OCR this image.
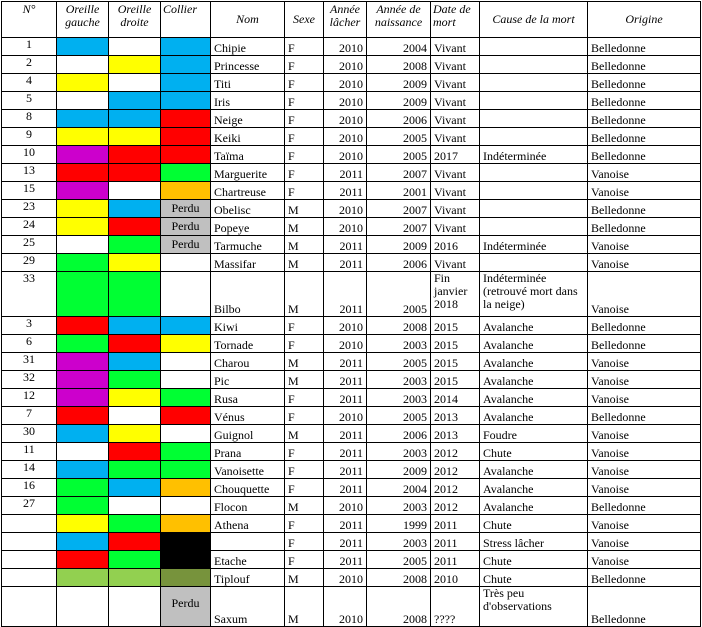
N°	Oreille gauche	Oreille droite	Collier	Nom	Sexe	Année lâcher	Année de naissance	Date de mort	Cause de la mort	Origine
1				Chipie	F	2010	2004	Vivant		Belledonne
2				Princesse	F	2010	2008	Vivant		Belledonne
4				Titi	F	2010	2009	Vivant		Belledonne
5				Iris	F	2010	2009	Vivant		Belledonne
8				Neige	F	2010	2006	Vivant		Belledonne
9				Keiki	F	2010	2005	Vivant		Belledonne
10				Taïma	F	2010	2005	2017	Indéterminée	Belledonne
13				Marguerite	F	2011	2007	Vivant		Vanoise
15				Chartreuse	F	2011	2001	Vivant		Vanoise
23			Perdu	Obelisc	M	2010	2007	Vivant		Belledonne
24			Perdu	Popeye	M	2010	2007	Vivant		Belledonne
25			Perdu	Tarmuche	M	2011	2009	2016	Indéterminée	Vanoise
29				Massifar	M	2011	2006	Vivant		Vanoise
33				Bilbo	M	2011	2005	Fin janvier 2018	Indéterminée (retrouvé mort dans la neige)	Vanoise
3				Kiwi	F	2010	2008	2015	Avalanche	Belledonne
6				Tornade	F	2010	2003	2015	Avalanche	Belledonne
31				Charou	M	2011	2005	2015	Avalanche	Vanoise
32				Pic	M	2011	2003	2015	Avalanche	Vanoise
12				Rusa	F	2011	2003	2014	Avalanche	Vanoise
7				Vénus	F	2010	2005	2013	Avalanche	Belledonne
30				Guignol	M	2011	2006	2013	Foudre	Vanoise
11				Prana	F	2011	2003	2012	Chute	Vanoise
14				Vanoisette	F	2011	2009	2012	Avalanche	Vanoise
16				Chouquette	F	2011	2004	2012	Avalanche	Vanoise
27				Flocon	M	2010	2003	2012	Avalanche	Belledonne
				Athena	F	2011	1999	2011	Chute	Vanoise
					F	2011	2003	2011	Stress lâcher	Vanoise
				Etache	F	2011	2005	2011	Chute	Vanoise
				Tiplouf	M	2010	2008	2010	Chute	Belledonne
			Perdu	Saxum	M	2010	2008	????	Très peu d'observations	Belledonne
